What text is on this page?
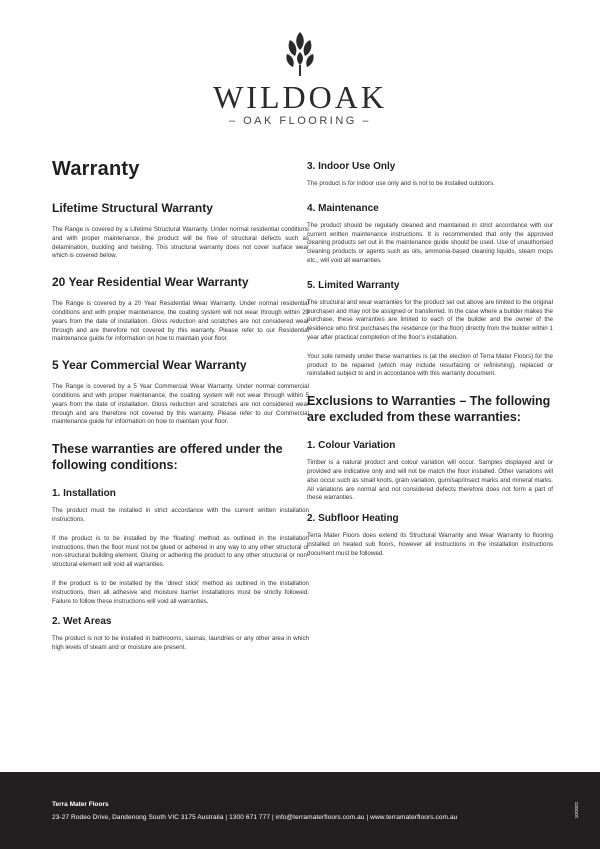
WILDOAK
– OAK FLOORING –
Warranty
Lifetime Structural Warranty

The Range is covered by a Lifetime Structural Warranty. Under normal residential conditions and with proper maintenance, the product will be free of structural defects such as delamination, buckling and twisting. This structural warranty does not cover surface wear which is covered below.

20 Year Residential Wear Warranty

The Range is covered by a 20 Year Residential Wear Warranty. Under normal residential conditions and with proper maintenance, the coating system will not wear through within 20 years from the date of installation. Gloss reduction and scratches are not considered wear through and are therefore not covered by this warranty. Please refer to our Residential maintenance guide for information on how to maintain your floor.

5 Year Commercial Wear Warranty

The Range is covered by a 5 Year Commercial Wear Warranty. Under normal commercial conditions and with proper maintenance, the coating system will not wear through within 5 years from the date of installation. Gloss reduction and scratches are not considered wear through and are therefore not covered by this warranty. Please refer to our Commercial maintenance guide for information on how to maintain your floor.

These warranties are offered under the following conditions:
1. Installation

The product must be installed in strict accordance with the current written installation instructions.

If the product is to be installed by the ‘floating’ method as outlined in the installation instructions, then the floor must not be glued or adhered in any way to any other structural or non-structural building element. Gluing or adhering the product to any other structural or non-structural element will void all warranties.

If the product is to be installed by the ‘direct stick’ method as outlined in the installation instructions, then all adhesive and moisture barrier installations must be strictly followed. Failure to follow these instructions will void all warranties.

2. Wet Areas

The product is not to be installed in bathrooms, saunas, laundries or any other area in which high levels of steam and or moisture are present.

3. Indoor Use Only

The product is for indoor use only and is not to be installed outdoors.

4. Maintenance

The product should be regularly cleaned and maintained in strict accordance with our current written maintenance instructions. It is recommended that only the approved cleaning products set out in the maintenance guide should be used. Use of unauthorised cleaning products or agents such as oils, ammonia-based cleaning liquids, steam mops etc., will void all warranties.

5. Limited Warranty

The structural and wear warranties for the product set out above are limited to the original purchaser and may not be assigned or transferred. In the case where a builder makes the purchase, these warranties are limited to each of the builder and the owner of the residence who first purchases the residence (or the floor) directly from the builder within 1 year after practical completion of the floor’s installation.

Your sole remedy under these warranties is (at the election of Terra Mater Floors) for the product to be repaired (which may include resurfacing or refinishing), replaced or reinstalled subject to and in accordance with this warranty document.

Exclusions to Warranties – The following are excluded from these warranties:
1. Colour Variation

Timber is a natural product and colour variation will occur. Samples displayed and or provided are indicative only and will not be match the floor installed. Other variations will also occur such as small knots, grain variation, gum/sap/insect marks and mineral marks. All variations are normal and not considered defects therefore does not form a part of these warranties.

2. Subfloor Heating

Terra Mater Floors does extend its Structural Warranty and Wear Warranty to flooring installed on heated sub floors, however all instructions in the installation instructions document must be followed.

Terra Mater Floors
23-27 Rodeo Drive, Dandenong South VIC 3175 Australia | 1300 671 777 | info@terramaterfloors.com.au | www.terramaterfloors.com.au	10/2022
